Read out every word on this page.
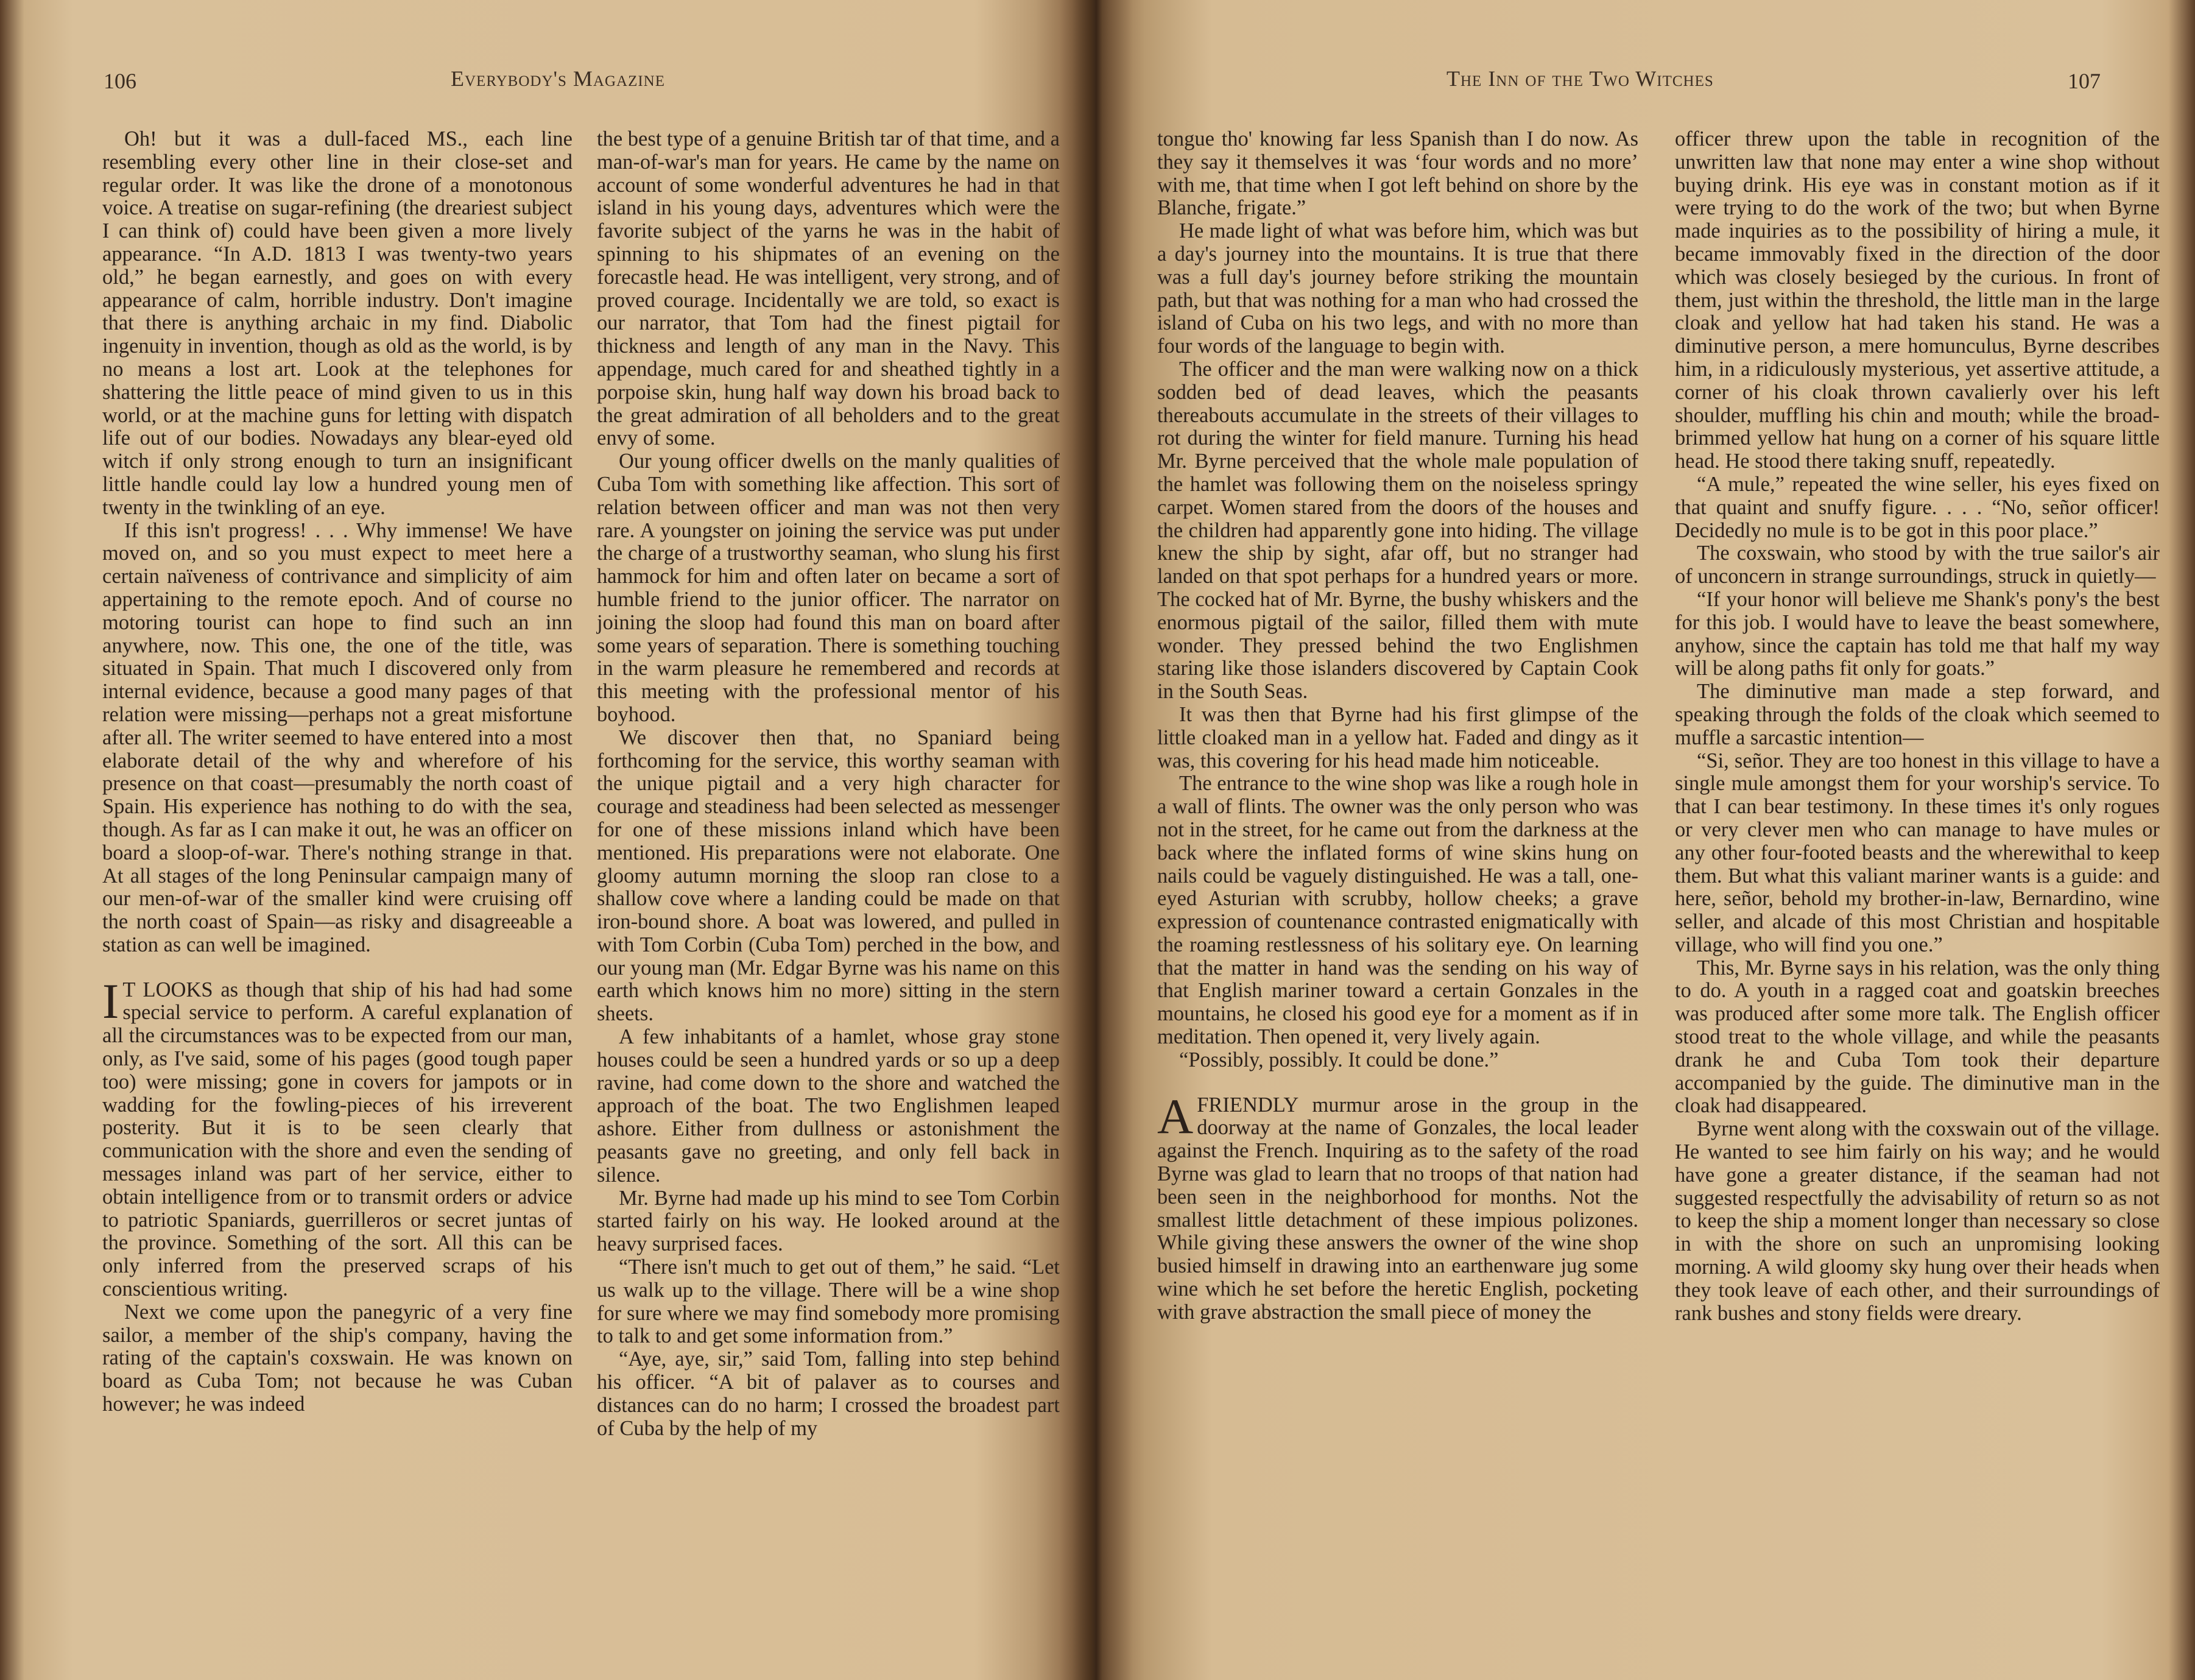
106	Everybody's Magazine

Oh! but it was a dull-faced MS., each line resembling every other line in their close-set and regular order. It was like the drone of a monotonous voice. A treatise on sugar-refining (the dreariest subject I can think of) could have been given a more lively appearance. “In A.D. 1813 I was twenty-two years old,” he began earnestly, and goes on with every appearance of calm, horrible industry. Don't imagine that there is anything archaic in my find. Diabolic ingenuity in invention, though as old as the world, is by no means a lost art. Look at the telephones for shattering the little peace of mind given to us in this world, or at the machine guns for letting with dispatch life out of our bodies. Nowadays any blear-eyed old witch if only strong enough to turn an insignificant little handle could lay low a hundred young men of twenty in the twinkling of an eye.

If this isn't progress! . . . Why immense! We have moved on, and so you must expect to meet here a certain naïveness of contrivance and simplicity of aim appertaining to the remote epoch. And of course no motoring tourist can hope to find such an inn anywhere, now. This one, the one of the title, was situated in Spain. That much I discovered only from internal evidence, because a good many pages of that relation were missing—perhaps not a great misfortune after all. The writer seemed to have entered into a most elaborate detail of the why and wherefore of his presence on that coast—presumably the north coast of Spain. His experience has nothing to do with the sea, though. As far as I can make it out, he was an officer on board a sloop-of-war. There's nothing strange in that. At all stages of the long Peninsular campaign many of our men-of-war of the smaller kind were cruising off the north coast of Spain—as risky and disagreeable a station as can well be imagined.

I T LOOKS as though that ship of his had had some special service to perform. A careful explanation of all the circumstances was to be expected from our man, only, as I've said, some of his pages (good tough paper too) were missing; gone in covers for jampots or in wadding for the fowling-pieces of his irreverent posterity. But it is to be seen clearly that communication with the shore and even the sending of messages inland was part of her service, either to obtain intelligence from or to transmit orders or advice to patriotic Spaniards, guerrilleros or secret juntas of the province. Something of the sort. All this can be only inferred from the preserved scraps of his conscientious writing.

Next we come upon the panegyric of a very fine sailor, a member of the ship's company, having the rating of the captain's coxswain. He was known on board as Cuba Tom; not because he was Cuban however; he was indeed

the best type of a genuine British tar of that time, and a man-of-war's man for years. He came by the name on account of some wonderful adventures he had in that island in his young days, adventures which were the favorite subject of the yarns he was in the habit of spinning to his shipmates of an evening on the forecastle head. He was intelligent, very strong, and of proved courage. Incidentally we are told, so exact is our narrator, that Tom had the finest pigtail for thickness and length of any man in the Navy. This appendage, much cared for and sheathed tightly in a porpoise skin, hung half way down his broad back to the great admiration of all beholders and to the great envy of some.

Our young officer dwells on the manly qualities of Cuba Tom with something like affection. This sort of relation between officer and man was not then very rare. A youngster on joining the service was put under the charge of a trustworthy seaman, who slung his first hammock for him and often later on became a sort of humble friend to the junior officer. The narrator on joining the sloop had found this man on board after some years of separation. There is something touching in the warm pleasure he remembered and records at this meeting with the professional mentor of his boyhood.

We discover then that, no Spaniard being forthcoming for the service, this worthy seaman with the unique pigtail and a very high character for courage and steadiness had been selected as messenger for one of these missions inland which have been mentioned. His preparations were not elaborate. One gloomy autumn morning the sloop ran close to a shallow cove where a landing could be made on that iron-bound shore. A boat was lowered, and pulled in with Tom Corbin (Cuba Tom) perched in the bow, and our young man (Mr. Edgar Byrne was his name on this earth which knows him no more) sitting in the stern sheets.

A few inhabitants of a hamlet, whose gray stone houses could be seen a hundred yards or so up a deep ravine, had come down to the shore and watched the approach of the boat. The two Englishmen leaped ashore. Either from dullness or astonishment the peasants gave no greeting, and only fell back in silence.

Mr. Byrne had made up his mind to see Tom Corbin started fairly on his way. He looked around at the heavy surprised faces.

“There isn't much to get out of them,” he said. “Let us walk up to the village. There will be a wine shop for sure where we may find somebody more promising to talk to and get some information from.”

“Aye, aye, sir,” said Tom, falling into step behind his officer. “A bit of palaver as to courses and distances can do no harm; I crossed the broadest part of Cuba by the help of my

The Inn of the Two Witches	107

tongue tho' knowing far less Spanish than I do now. As they say it themselves it was ‘four words and no more’ with me, that time when I got left behind on shore by the Blanche, frigate.”

He made light of what was before him, which was but a day's journey into the mountains. It is true that there was a full day's journey before striking the mountain path, but that was nothing for a man who had crossed the island of Cuba on his two legs, and with no more than four words of the language to begin with.

The officer and the man were walking now on a thick sodden bed of dead leaves, which the peasants thereabouts accumulate in the streets of their villages to rot during the winter for field manure. Turning his head Mr. Byrne perceived that the whole male population of the hamlet was following them on the noiseless springy carpet. Women stared from the doors of the houses and the children had apparently gone into hiding. The village knew the ship by sight, afar off, but no stranger had landed on that spot perhaps for a hundred years or more. The cocked hat of Mr. Byrne, the bushy whiskers and the enormous pigtail of the sailor, filled them with mute wonder. They pressed behind the two Englishmen staring like those islanders discovered by Captain Cook in the South Seas.

It was then that Byrne had his first glimpse of the little cloaked man in a yellow hat. Faded and dingy as it was, this covering for his head made him noticeable.

The entrance to the wine shop was like a rough hole in a wall of flints. The owner was the only person who was not in the street, for he came out from the darkness at the back where the inflated forms of wine skins hung on nails could be vaguely distinguished. He was a tall, one-eyed Asturian with scrubby, hollow cheeks; a grave expression of countenance contrasted enigmatically with the roaming restlessness of his solitary eye. On learning that the matter in hand was the sending on his way of that English mariner toward a certain Gonzales in the mountains, he closed his good eye for a moment as if in meditation. Then opened it, very lively again.

“Possibly, possibly. It could be done.”

A FRIENDLY murmur arose in the group in the doorway at the name of Gonzales, the local leader against the French. Inquiring as to the safety of the road Byrne was glad to learn that no troops of that nation had been seen in the neighborhood for months. Not the smallest little detachment of these impious polizones. While giving these answers the owner of the wine shop busied himself in drawing into an earthenware jug some wine which he set before the heretic English, pocketing with grave abstraction the small piece of money the

officer threw upon the table in recognition of the unwritten law that none may enter a wine shop without buying drink. His eye was in constant motion as if it were trying to do the work of the two; but when Byrne made inquiries as to the possibility of hiring a mule, it became immovably fixed in the direction of the door which was closely besieged by the curious. In front of them, just within the threshold, the little man in the large cloak and yellow hat had taken his stand. He was a diminutive person, a mere homunculus, Byrne describes him, in a ridiculously mysterious, yet assertive attitude, a corner of his cloak thrown cavalierly over his left shoulder, muffling his chin and mouth; while the broad-brimmed yellow hat hung on a corner of his square little head. He stood there taking snuff, repeatedly.

“A mule,” repeated the wine seller, his eyes fixed on that quaint and snuffy figure. . . . “No, señor officer! Decidedly no mule is to be got in this poor place.”

The coxswain, who stood by with the true sailor's air of unconcern in strange surroundings, struck in quietly—

“If your honor will believe me Shank's pony's the best for this job. I would have to leave the beast somewhere, anyhow, since the captain has told me that half my way will be along paths fit only for goats.”

The diminutive man made a step forward, and speaking through the folds of the cloak which seemed to muffle a sarcastic intention—

“Si, señor. They are too honest in this village to have a single mule amongst them for your worship's service. To that I can bear testimony. In these times it's only rogues or very clever men who can manage to have mules or any other four-footed beasts and the wherewithal to keep them. But what this valiant mariner wants is a guide: and here, señor, behold my brother-in-law, Bernardino, wine seller, and alcade of this most Christian and hospitable village, who will find you one.”

This, Mr. Byrne says in his relation, was the only thing to do. A youth in a ragged coat and goatskin breeches was produced after some more talk. The English officer stood treat to the whole village, and while the peasants drank he and Cuba Tom took their departure accompanied by the guide. The diminutive man in the cloak had disappeared.

Byrne went along with the coxswain out of the village. He wanted to see him fairly on his way; and he would have gone a greater distance, if the seaman had not suggested respectfully the advisability of return so as not to keep the ship a moment longer than necessary so close in with the shore on such an unpromising looking morning. A wild gloomy sky hung over their heads when they took leave of each other, and their surroundings of rank bushes and stony fields were dreary.
